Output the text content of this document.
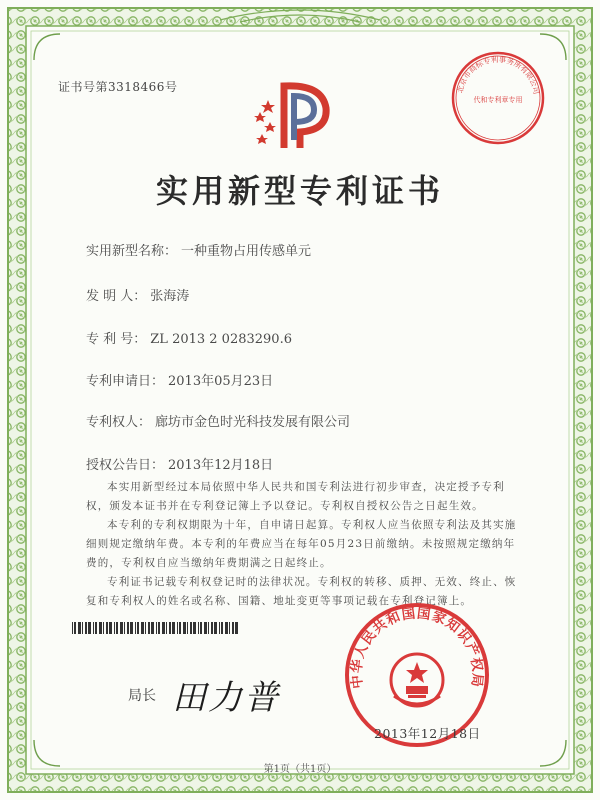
证书号第3318466号	北京市商标专利事务所有限公司
代和专利章专用
实用新型专利证书
实用新型名称： 一种重物占用传感单元
发 明 人： 张海涛
专 利 号： ZL 2013 2 0283290.6
专利申请日： 2013年05月23日
专利权人： 廊坊市金色时光科技发展有限公司
授权公告日： 2013年12月18日
本实用新型经过本局依照中华人民共和国专利法进行初步审查，决定授予专利权，颁发本证书并在专利登记簿上予以登记。专利权自授权公告之日起生效。
本专利的专利权期限为十年，自申请日起算。专利权人应当依照专利法及其实施细则规定缴纳年费。本专利的年费应当在每年05月23日前缴纳。未按照规定缴纳年费的，专利权自应当缴纳年费期满之日起终止。
专利证书记载专利权登记时的法律状况。专利权的转移、质押、无效、终止、恢复和专利权人的姓名或名称、国籍、地址变更等事项记载在专利登记簿上。
局长 田力普	中华人民共和国国家知识产权局
2013年12月18日
第1页（共1页）
